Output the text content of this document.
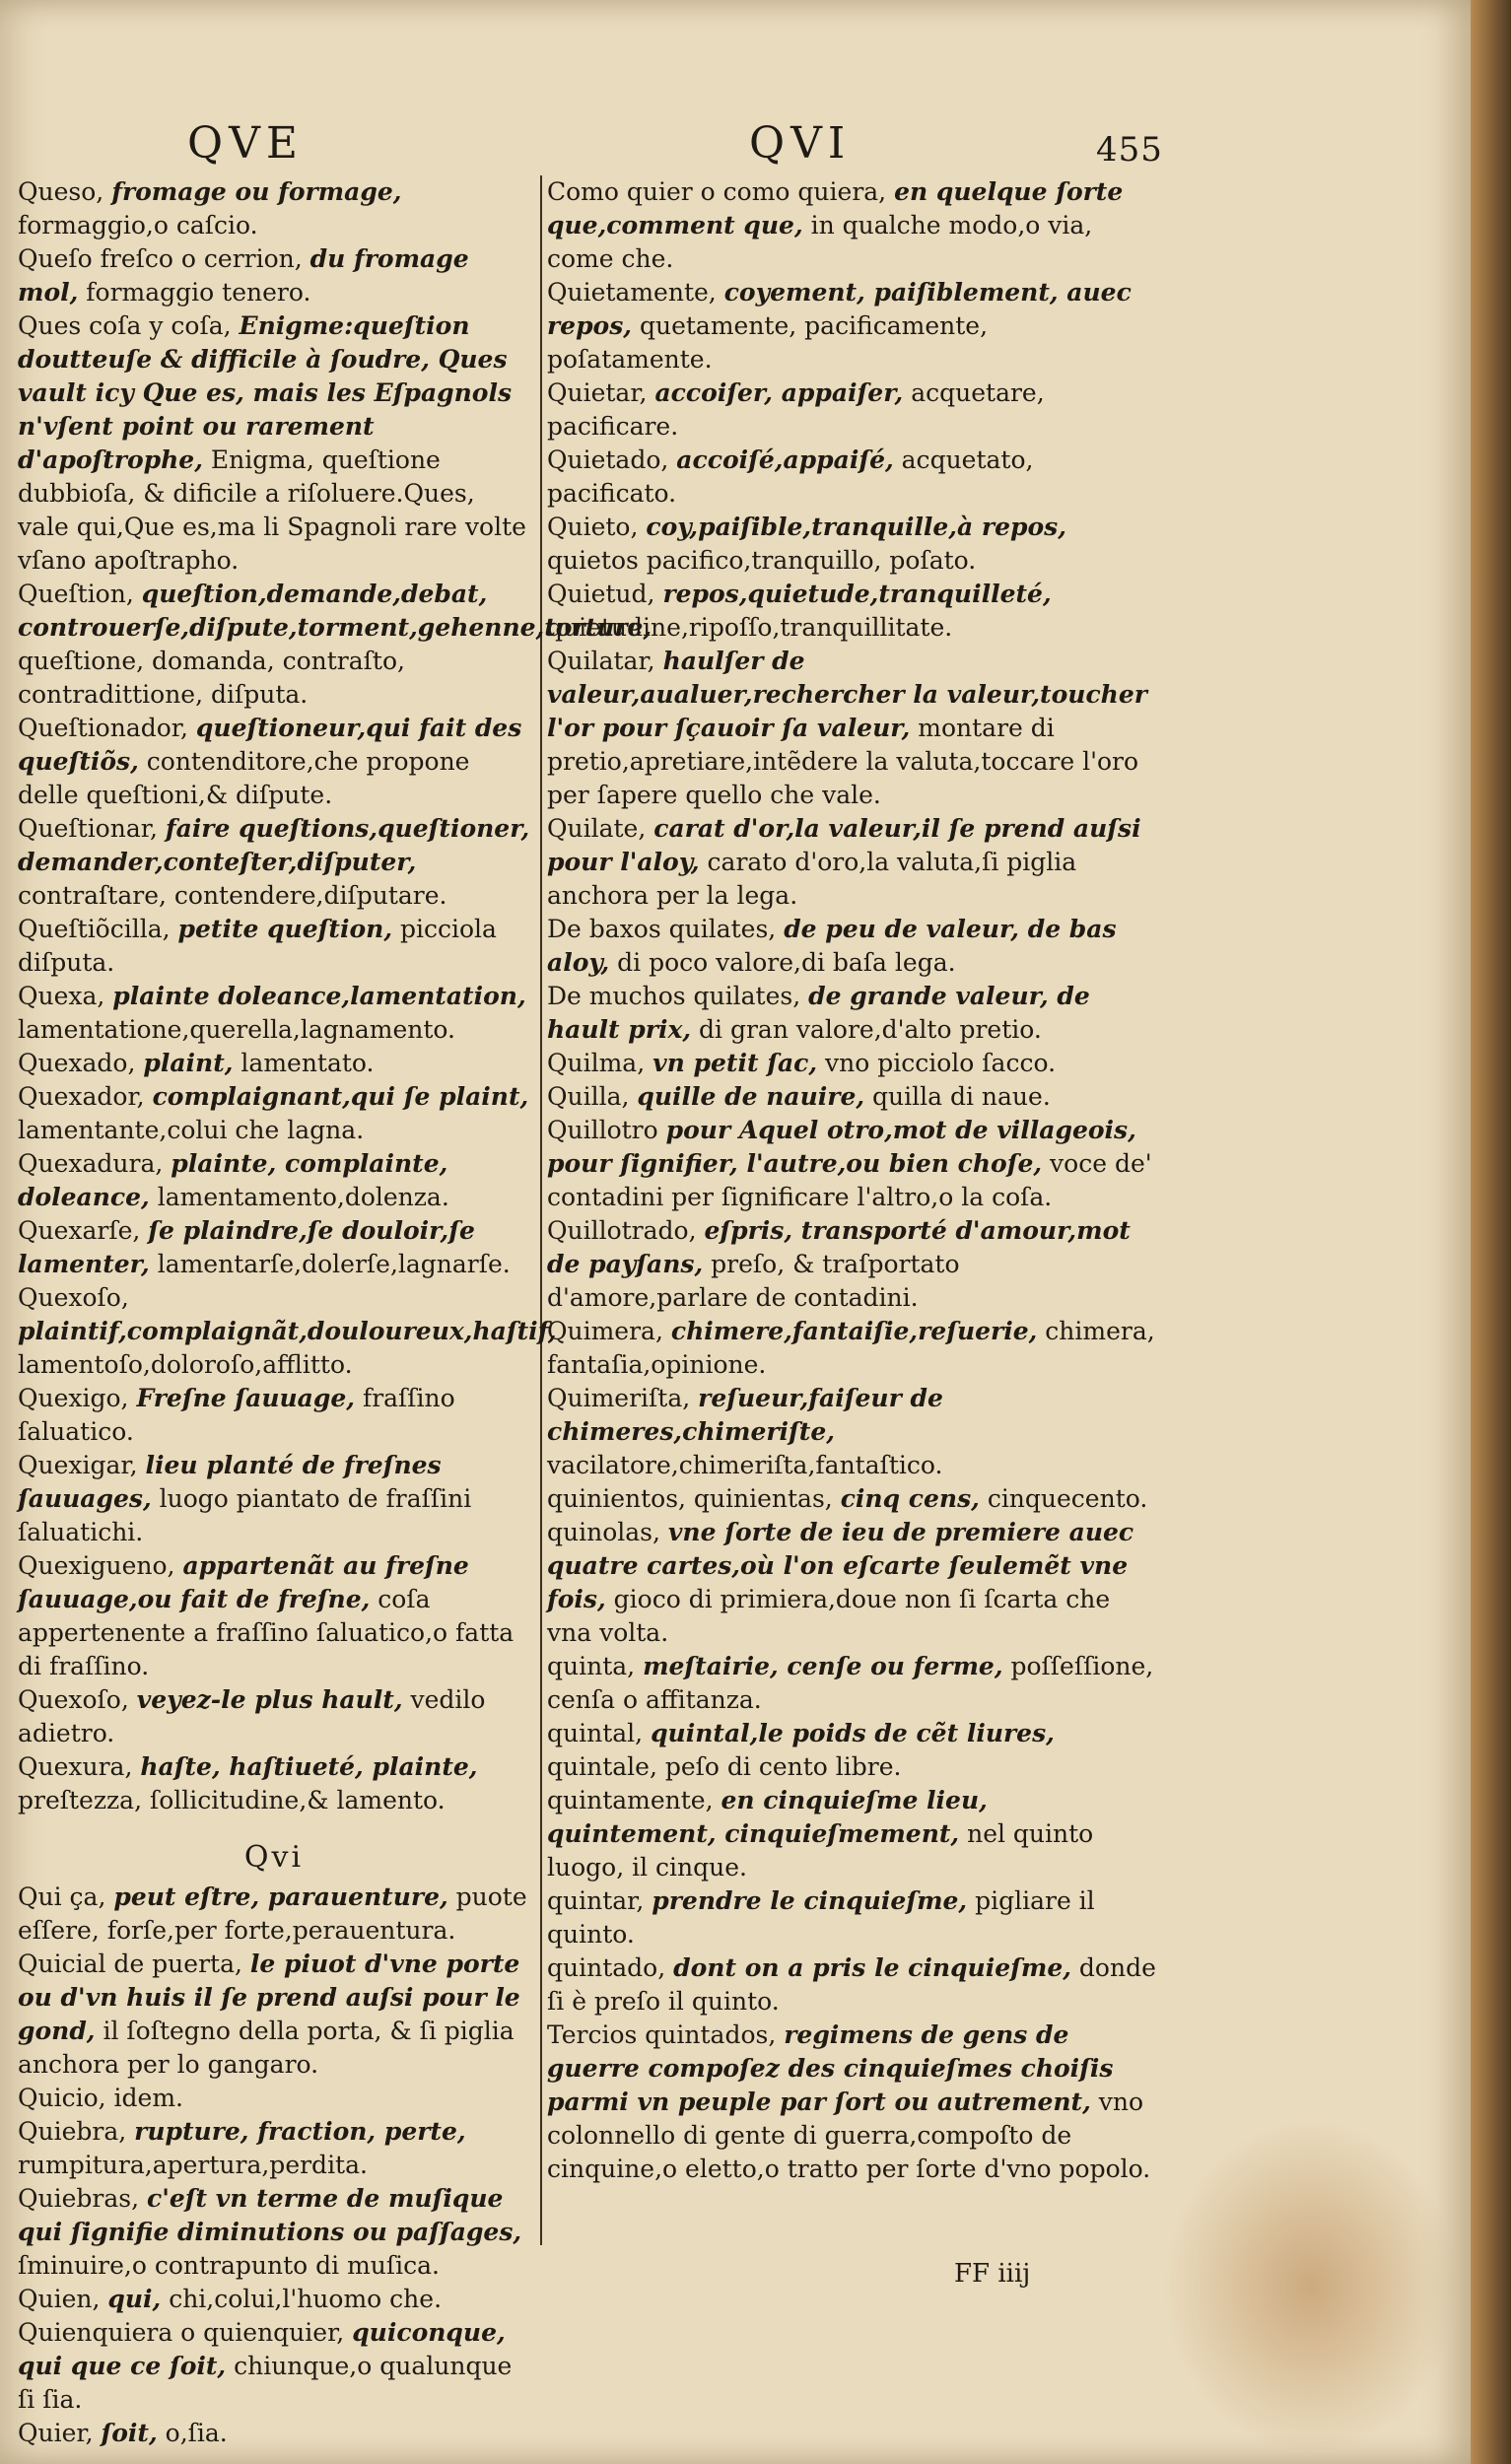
QVE	QVI	455
Queso, fromage ou formage, formaggio,o caſcio.
Queſo freſco o cerrion, du fromage mol, formaggio tenero.
Ques coſa y coſa, Enigme:queſtion doutteuſe & difficile à ſoudre, Ques vault icy Que es, mais les Eſpagnols n'vſent point ou rarement d'apoſtrophe, Enigma, queſtione dubbioſa, & dificile a riſoluere.Ques, vale qui,Que es,ma li Spagnoli rare volte vſano apoſtrapho.
Queſtion, queſtion,demande,debat, controuerſe,diſpute,torment,gehenne,torture, queſtione, domanda, contraſto, contradittione, diſputa.
Queſtionador, queſtioneur,qui fait des queſtiõs, contenditore,che propone delle queſtioni,& diſpute.
Queſtionar, faire queſtions,queſtioner, demander,conteſter,diſputer, contraſtare, contendere,diſputare.
Queſtiõcilla, petite queſtion, picciola diſputa.
Quexa, plainte doleance,lamentation, lamentatione,querella,lagnamento.
Quexado, plaint, lamentato.
Quexador, complaignant,qui ſe plaint, lamentante,colui che lagna.
Quexadura, plainte, complainte, doleance, lamentamento,dolenza.
Quexarſe, ſe plaindre,ſe douloir,ſe lamenter, lamentarſe,dolerſe,lagnarſe.
Quexoſo, plaintif,complaignãt,douloureux,haſtif, lamentoſo,doloroſo,afflitto.
Quexigo, Freſne ſauuage, fraſſino ſaluatico.
Quexigar, lieu planté de freſnes ſauuages, luogo piantato de fraſſini ſaluatichi.
Quexigueno, appartenãt au freſne ſauuage,ou fait de freſne, coſa appertenente a fraſſino ſaluatico,o fatta di fraſſino.
Quexoſo, veyez-le plus hault, vedilo adietro.
Quexura, haſte, haſtiueté, plainte, preſtezza, ſollicitudine,& lamento.
Qvi
Qui ça, peut eſtre, parauenture, puote eſſere, forſe,per forte,perauentura.
Quicial de puerta, le piuot d'vne porte ou d'vn huis il ſe prend auſsi pour le gond, il ſoſtegno della porta, & ſi piglia anchora per lo gangaro.
Quicio, idem.
Quiebra, rupture, fraction, perte, rumpitura,apertura,perdita.
Quiebras, c'eſt vn terme de muſique qui ſignifie diminutions ou paſſages, ſminuire,o contrapunto di muſica.
Quien, qui, chi,colui,l'huomo che.
Quienquiera o quienquier, quiconque, qui que ce ſoit, chiunque,o qualunque ſi ſia.
Quier, ſoit, o,ſia.
Como quier o como quiera, en quelque ſorte que,comment que, in qualche modo,o via, come che.
Quietamente, coyement, paiſiblement, auec repos, quetamente, pacificamente, poſatamente.
Quietar, accoiſer, appaiſer, acquetare, pacificare.
Quietado, accoiſé,appaiſé, acquetato, pacificato.
Quieto, coy,paiſible,tranquille,à repos, quietos pacifico,tranquillo, poſato.
Quietud, repos,quietude,tranquilleté, quietudine,ripoſſo,tranquillitate.
Quilatar, haulſer de valeur,aualuer,rechercher la valeur,toucher l'or pour ſçauoir ſa valeur, montare di pretio,apretiare,intẽdere la valuta,toccare l'oro per ſapere quello che vale.
Quilate, carat d'or,la valeur,il ſe prend auſsi pour l'aloy, carato d'oro,la valuta,ſi piglia anchora per la lega.
De baxos quilates, de peu de valeur, de bas aloy, di poco valore,di baſa lega.
De muchos quilates, de grande valeur, de hault prix, di gran valore,d'alto pretio.
Quilma, vn petit ſac, vno picciolo ſacco.
Quilla, quille de nauire, quilla di naue.
Quillotro pour Aquel otro,mot de villageois, pour ſignifier, l'autre,ou bien choſe, voce de' contadini per ſignificare l'altro,o la coſa.
Quillotrado, eſpris, transporté d'amour,mot de payſans, preſo, & traſportato d'amore,parlare de contadini.
Quimera, chimere,fantaiſie,reſuerie, chimera, fantaſia,opinione.
Quimeriſta, reſueur,faiſeur de chimeres,chimeriſte, vacilatore,chimeriſta,fantaſtico.
quinientos, quinientas, cinq cens, cinquecento.
quinolas, vne ſorte de ieu de premiere auec quatre cartes,où l'on eſcarte ſeulemẽt vne fois, gioco di primiera,doue non ſi ſcarta che vna volta.
quinta, meſtairie, cenſe ou ferme, poſſeſſione, cenſa o affitanza.
quintal, quintal,le poids de cẽt liures, quintale, peſo di cento libre.
quintamente, en cinquieſme lieu, quintement, cinquieſmement, nel quinto luogo, il cinque.
quintar, prendre le cinquieſme, pigliare il quinto.
quintado, dont on a pris le cinquieſme, donde ſi è preſo il quinto.
Tercios quintados, regimens de gens de guerre compoſez des cinquieſmes choiſis parmi vn peuple par ſort ou autrement, vno colonnello di gente di guerra,compoſto de cinquine,o eletto,o tratto per ſorte d'vno popolo.
FF iiij
